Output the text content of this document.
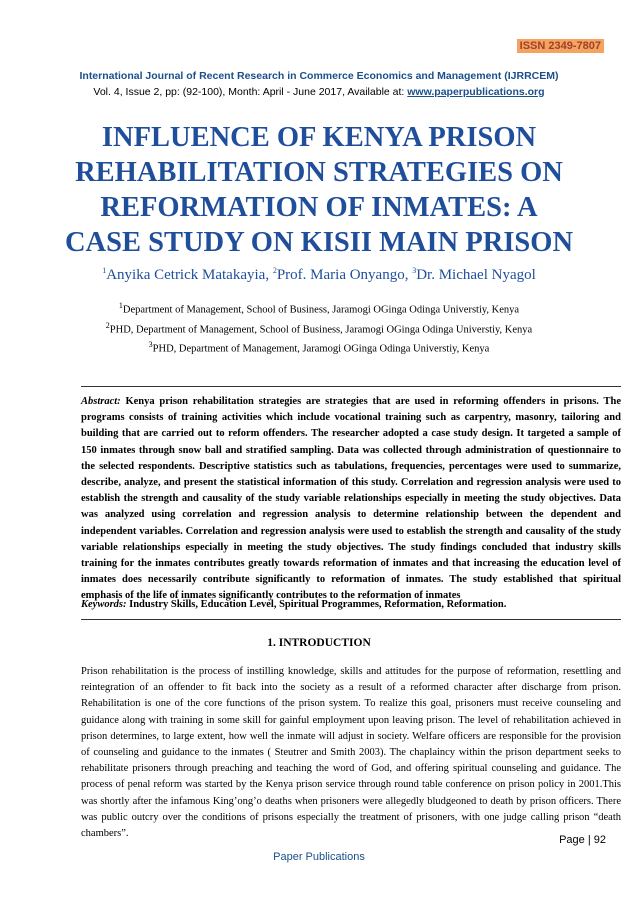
ISSN 2349-7807
International Journal of Recent Research in Commerce Economics and Management (IJRRCEM)
Vol. 4, Issue 2, pp: (92-100), Month: April - June 2017, Available at: www.paperpublications.org
INFLUENCE OF KENYA PRISON REHABILITATION STRATEGIES ON REFORMATION OF INMATES: A CASE STUDY ON KISII MAIN PRISON
$^1$Anyika Cetrick Matakayia, $^2$Prof. Maria Onyango, $^3$Dr. Michael Nyagol
$^1$Department of Management, School of Business, Jaramogi OGinga Odinga Universtiy, Kenya
$^2$PHD, Department of Management, School of Business, Jaramogi OGinga Odinga Universtiy, Kenya
$^3$PHD, Department of Management, Jaramogi OGinga Odinga Universtiy, Kenya
Abstract: Kenya prison rehabilitation strategies are strategies that are used in reforming offenders in prisons. The programs consists of training activities which include vocational training such as carpentry, masonry, tailoring and building that are carried out to reform offenders. The researcher adopted a case study design. It targeted a sample of 150 inmates through snow ball and stratified sampling. Data was collected through administration of questionnaire to the selected respondents. Descriptive statistics such as tabulations, frequencies, percentages were used to summarize, describe, analyze, and present the statistical information of this study. Correlation and regression analysis were used to establish the strength and causality of the study variable relationships especially in meeting the study objectives. Data was analyzed using correlation and regression analysis to determine relationship between the dependent and independent variables. Correlation and regression analysis were used to establish the strength and causality of the study variable relationships especially in meeting the study objectives. The study findings concluded that industry skills training for the inmates contributes greatly towards reformation of inmates and that increasing the education level of inmates does necessarily contribute significantly to reformation of inmates. The study established that spiritual emphasis of the life of inmates significantly contributes to the reformation of inmates
Keywords: Industry Skills, Education Level, Spiritual Programmes, Reformation, Reformation.
1. INTRODUCTION
Prison rehabilitation is the process of instilling knowledge, skills and attitudes for the purpose of reformation, resettling and reintegration of an offender to fit back into the society as a result of a reformed character after discharge from prison. Rehabilitation is one of the core functions of the prison system. To realize this goal, prisoners must receive counseling and guidance along with training in some skill for gainful employment upon leaving prison. The level of rehabilitation achieved in prison determines, to large extent, how well the inmate will adjust in society. Welfare officers are responsible for the provision of counseling and guidance to the inmates ( Steutrer and Smith 2003). The chaplaincy within the prison department seeks to rehabilitate prisoners through preaching and teaching the word of God, and offering spiritual counseling and guidance. The process of penal reform was started by the Kenya prison service through round table conference on prison policy in 2001.This was shortly after the infamous King’ong’o deaths when prisoners were allegedly bludgeoned to death by prison officers. There was public outcry over the conditions of prisons especially the treatment of prisoners, with one judge calling prison “death chambers”.
Page | 92
Paper Publications
